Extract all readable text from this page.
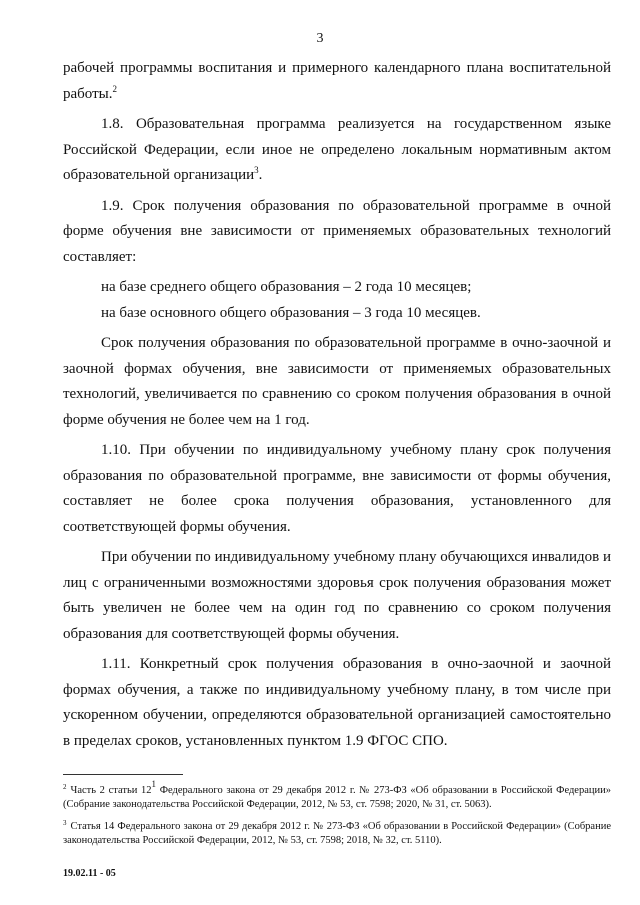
3

рабочей программы воспитания и примерного календарного плана воспитательной работы.$^2$

1.8. Образовательная программа реализуется на государственном языке Российской Федерации, если иное не определено локальным нормативным актом образовательной организации$^3$.

1.9. Срок получения образования по образовательной программе в очной форме обучения вне зависимости от применяемых образовательных технологий составляет:

на базе среднего общего образования – 2 года 10 месяцев;

на базе основного общего образования – 3 года 10 месяцев.

Срок получения образования по образовательной программе в очно-заочной и заочной формах обучения, вне зависимости от применяемых образовательных технологий, увеличивается по сравнению со сроком получения образования в очной форме обучения не более чем на 1 год.

1.10. При обучении по индивидуальному учебному плану срок получения образования по образовательной программе, вне зависимости от формы обучения, составляет не более срока получения образования, установленного для соответствующей формы обучения.

При обучении по индивидуальному учебному плану обучающихся инвалидов и лиц с ограниченными возможностями здоровья срок получения образования может быть увеличен не более чем на один год по сравнению со сроком получения образования для соответствующей формы обучения.

1.11. Конкретный срок получения образования в очно-заочной и заочной формах обучения, а также по индивидуальному учебному плану, в том числе при ускоренном обучении, определяются образовательной организацией самостоятельно в пределах сроков, установленных пунктом 1.9 ФГОС СПО.

$^2$ Часть 2 статьи $12^1$ Федерального закона от 29 декабря 2012 г. № 273-ФЗ «Об образовании в Российской Федерации» (Собрание законодательства Российской Федерации, 2012, № 53, ст. 7598; 2020, № 31, ст. 5063).

$^3$ Статья 14 Федерального закона от 29 декабря 2012 г. № 273-ФЗ «Об образовании в Российской Федерации» (Собрание законодательства Российской Федерации, 2012, № 53, ст. 7598; 2018, № 32, ст. 5110).

19.02.11 - 05
